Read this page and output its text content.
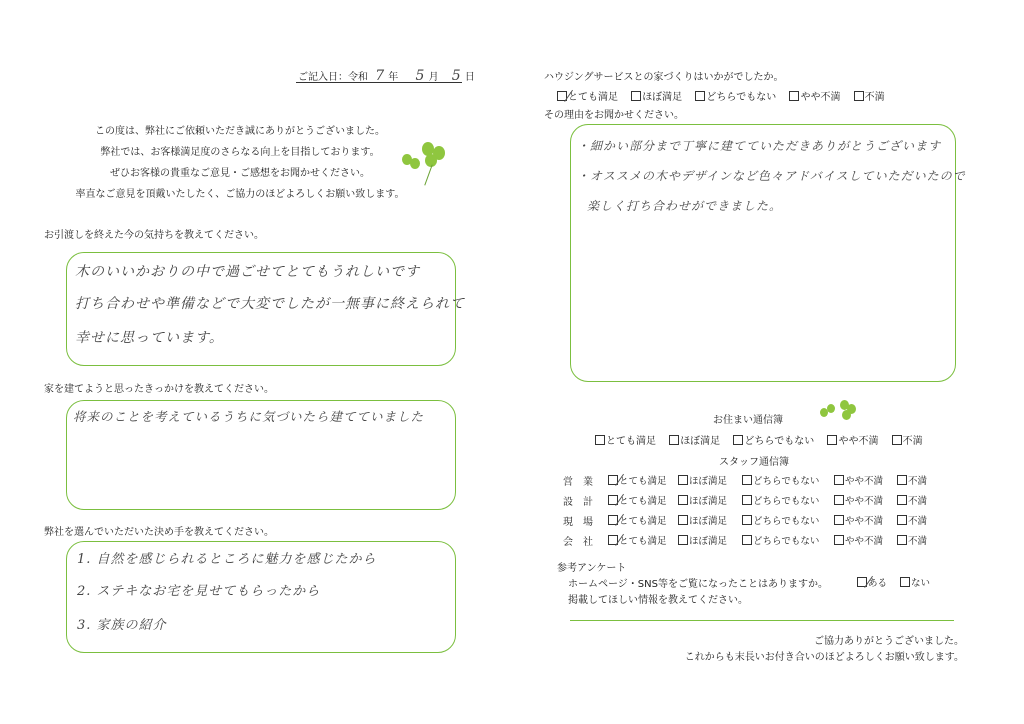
ご記入日：令和 7 年 5 月 5 日
この度は、弊社にご依頼いただき誠にありがとうございました。
弊社では、お客様満足度のさらなる向上を目指しております。
ぜひお客様の貴重なご意見・ご感想をお聞かせください。
率直なご意見を頂戴いたしたく、ご協力のほどよろしくお願い致します。
お引渡しを終えた今の気持ちを教えてください。
木のいいかおりの中で過ごせてとてもうれしいです
打ち合わせや準備などで大変でしたが一無事に終えられて
幸せに思っています。
家を建てようと思ったきっかけを教えてください。
将来のことを考えているうちに気づいたら建てていました
弊社を選んでいただいた決め手を教えてください。
1. 自然を感じられるところに魅力を感じたから
2. ステキなお宅を見せてもらったから
3. 家族の紹介
ハウジングサービスとの家づくりはいかがでしたか。
とても満足 ほぼ満足 どちらでもない やや不満 不満
その理由をお聞かせください。
・細かい部分まで丁寧に建てていただきありがとうございます
・オススメの木やデザインなど色々アドバイスしていただいたので
楽しく打ち合わせができました。
お住まい通信簿
とても満足 ほぼ満足 どちらでもない やや不満 不満
スタッフ通信簿
営　業	とても満足	ほぼ満足	どちらでもない	やや不満	不満
設　計	とても満足	ほぼ満足	どちらでもない	やや不満	不満
現　場	とても満足	ほぼ満足	どちらでもない	やや不満	不満
会　社	とても満足	ほぼ満足	どちらでもない	やや不満	不満
参考アンケート
ホームページ・SNS等をご覧になったことはありますか。	ある	ない
掲載してほしい情報を教えてください。
ご協力ありがとうございました。
これからも末長いお付き合いのほどよろしくお願い致します。
